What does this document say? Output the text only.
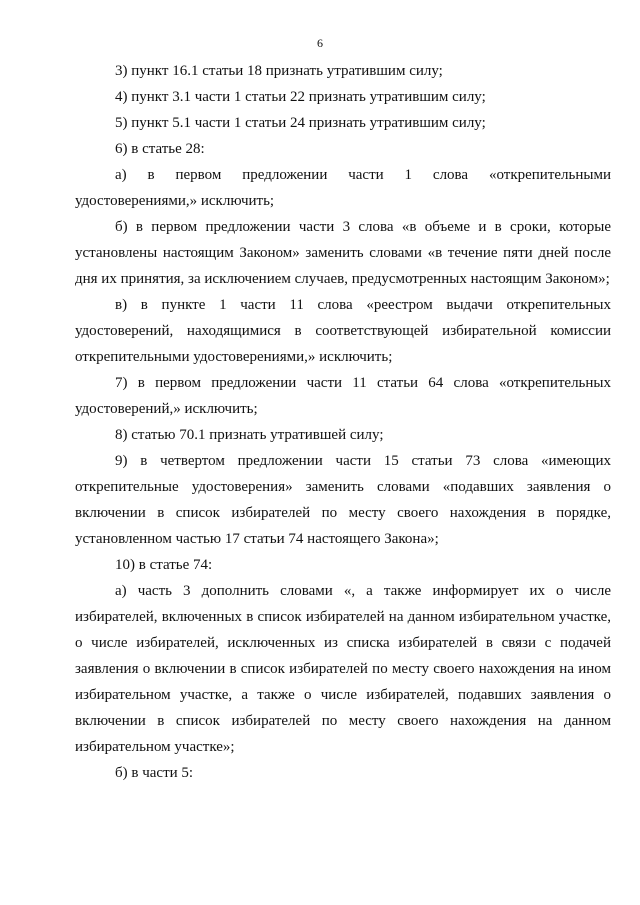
6

3) пункт 16.1 статьи 18 признать утратившим силу;

4) пункт 3.1 части 1 статьи 22 признать утратившим силу;

5) пункт 5.1 части 1 статьи 24 признать утратившим силу;

6) в статье 28:

а) в первом предложении части 1 слова «открепительными удостоверениями,» исключить;

б) в первом предложении части 3 слова «в объеме и в сроки, которые установлены настоящим Законом» заменить словами «в течение пяти дней после дня их принятия, за исключением случаев, предусмотренных настоящим Законом»;

в) в пункте 1 части 11 слова «реестром выдачи открепительных удостоверений, находящимися в соответствующей избирательной комиссии открепительными удостоверениями,» исключить;

7) в первом предложении части 11 статьи 64 слова «открепительных удостоверений,» исключить;

8) статью 70.1 признать утратившей силу;

9) в четвертом предложении части 15 статьи 73 слова «имеющих открепительные удостоверения» заменить словами «подавших заявления о включении в список избирателей по месту своего нахождения в порядке, установленном частью 17 статьи 74 настоящего Закона»;

10) в статье 74:

а) часть 3 дополнить словами «, а также информирует их о числе избирателей, включенных в список избирателей на данном избирательном участке, о числе избирателей, исключенных из списка избирателей в связи с подачей заявления о включении в список избирателей по месту своего нахождения на ином избирательном участке, а также о числе избирателей, подавших заявления о включении в список избирателей по месту своего нахождения на данном избирательном участке»;

б) в части 5:
